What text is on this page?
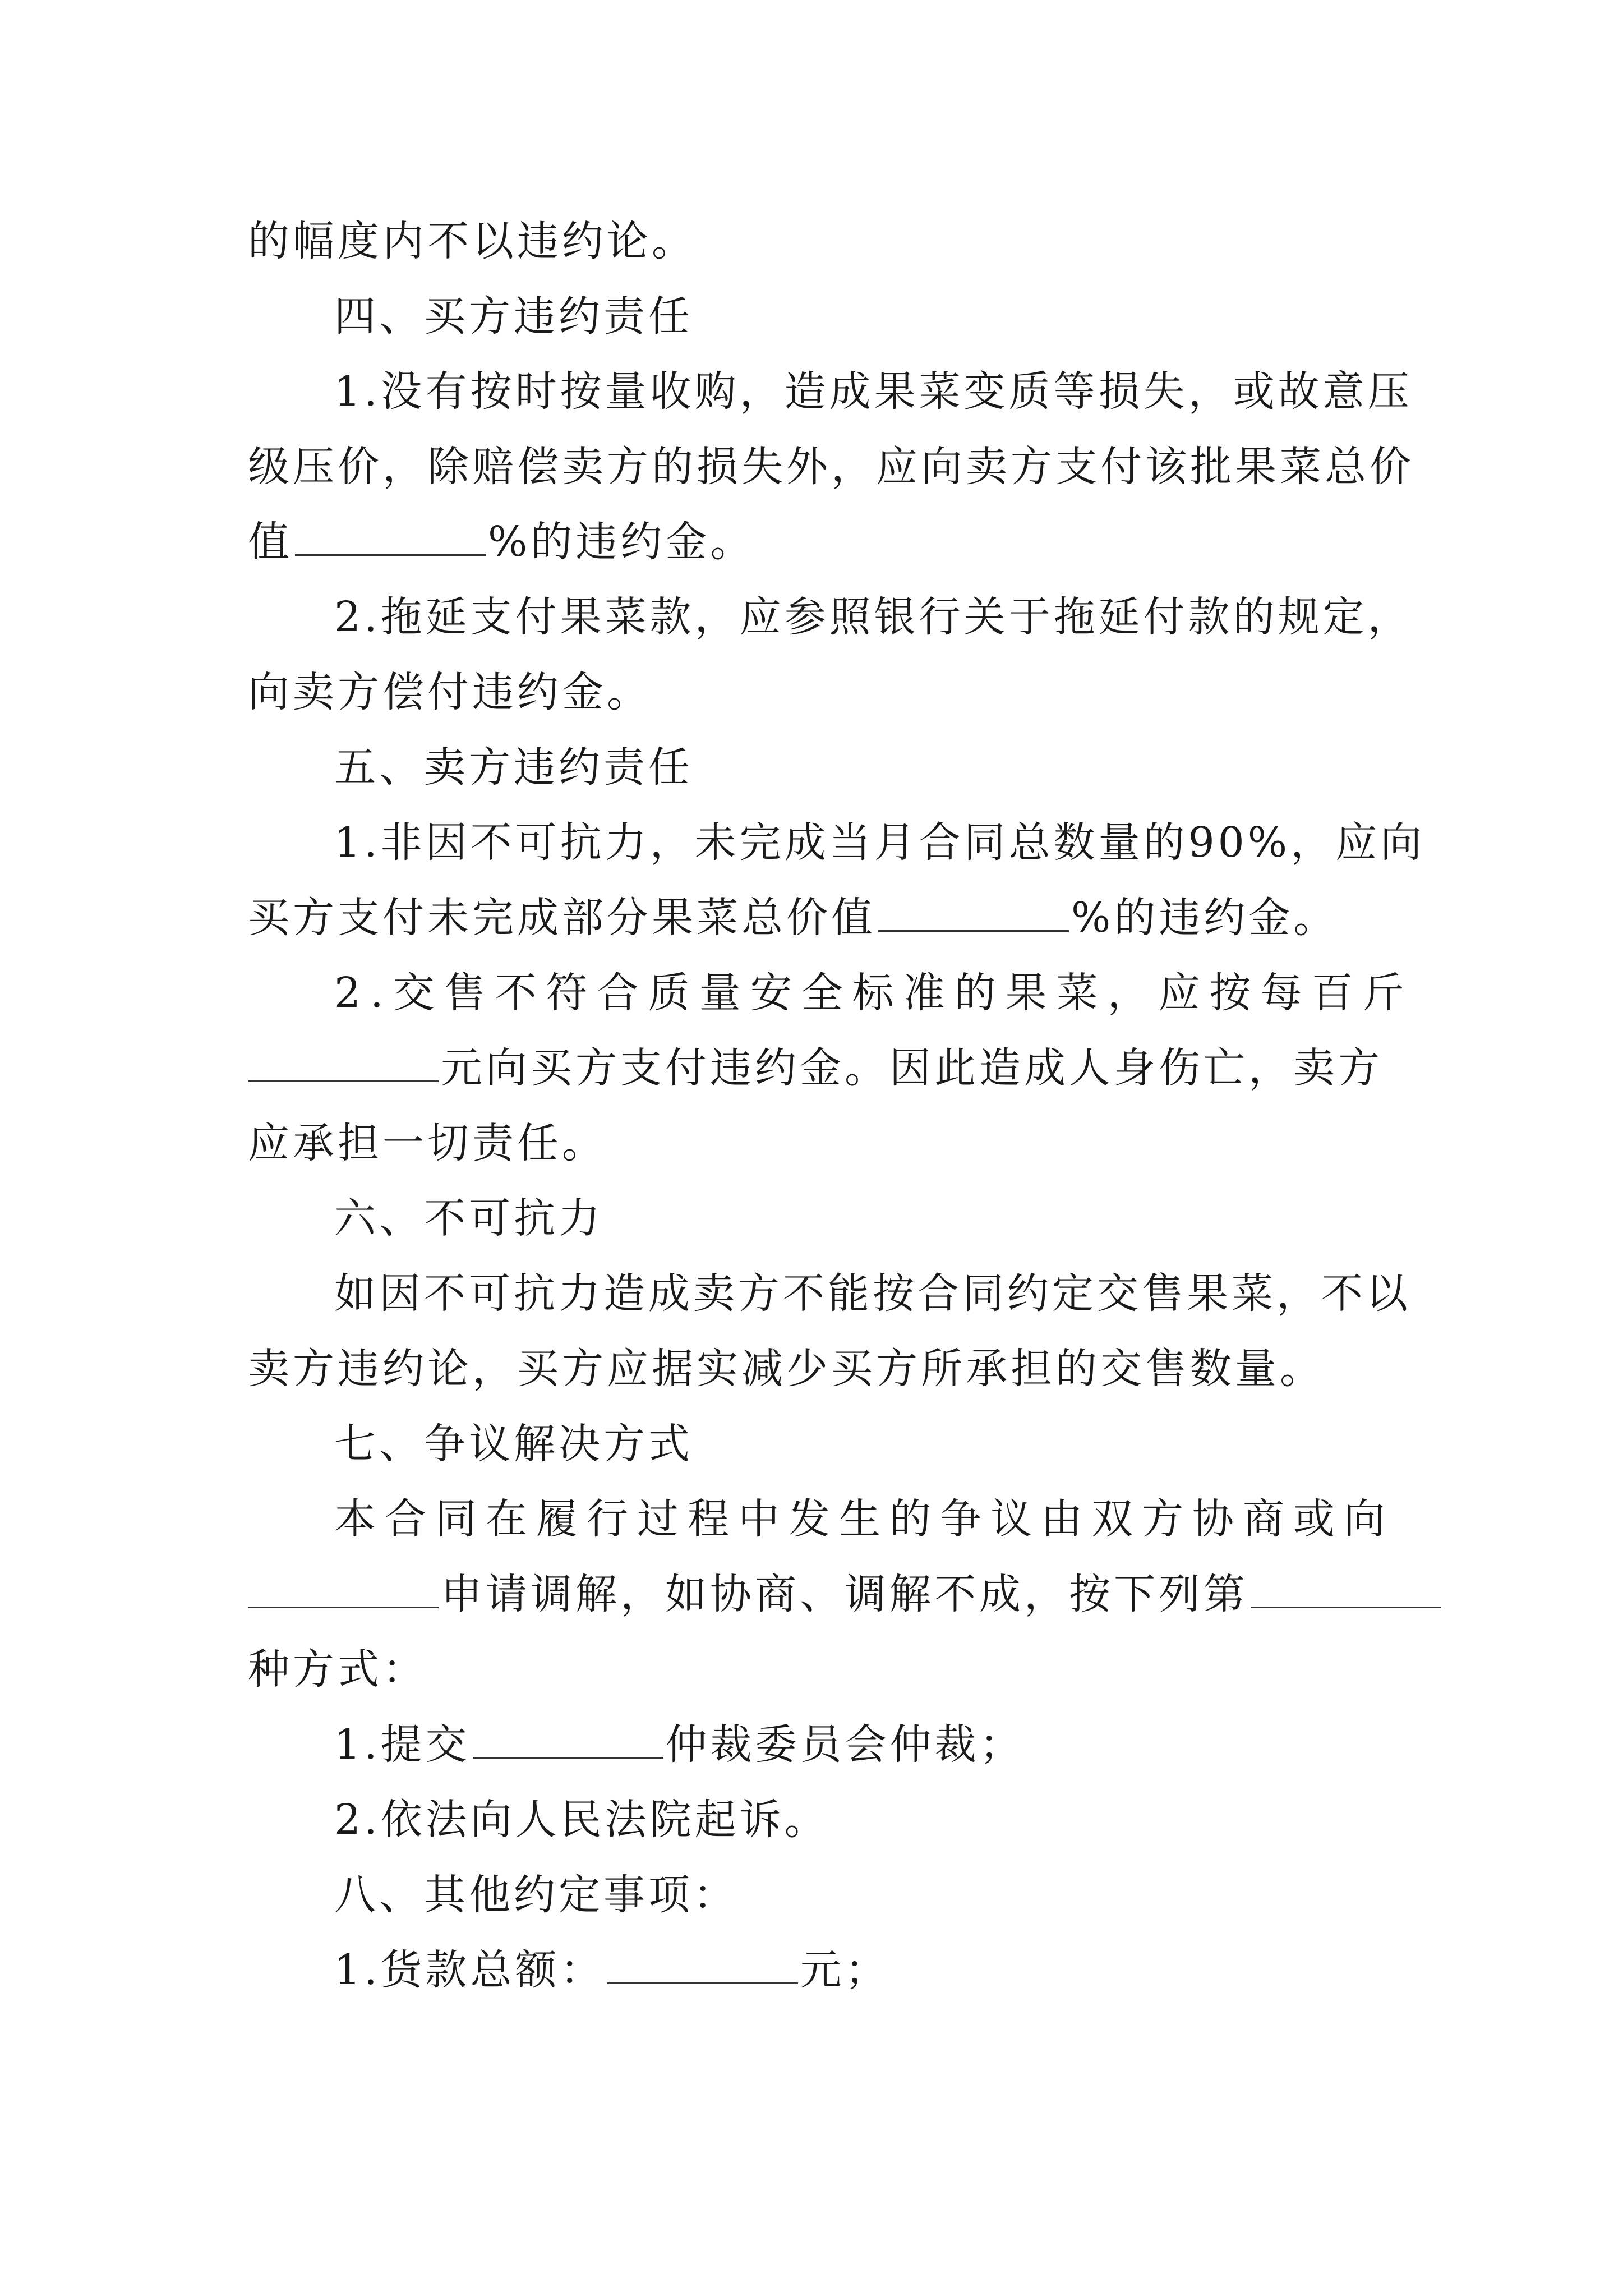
的幅度内不以违约论。
四、买方违约责任
1.没有按时按量收购，造成果菜变质等损失，或故意压
级压价，除赔偿卖方的损失外，应向卖方支付该批果菜总价
值	%的违约金。
2.拖延支付果菜款，应参照银行关于拖延付款的规定，
向卖方偿付违约金。
五、卖方违约责任
1.非因不可抗力，未完成当月合同总数量的90%，应向
买方支付未完成部分果菜总价值	%的违约金。
2.交售不符合质量安全标准的果菜，应按每百斤
元向买方支付违约金。因此造成人身伤亡，卖方
应承担一切责任。
六、不可抗力
如因不可抗力造成卖方不能按合同约定交售果菜，不以
卖方违约论，买方应据实减少买方所承担的交售数量。
七、争议解决方式
本合同在履行过程中发生的争议由双方协商或向
申请调解，如协商、调解不成，按下列第
种方式：
1.提交	仲裁委员会仲裁；
2.依法向人民法院起诉。
八、其他约定事项：
1.货款总额：	元；
